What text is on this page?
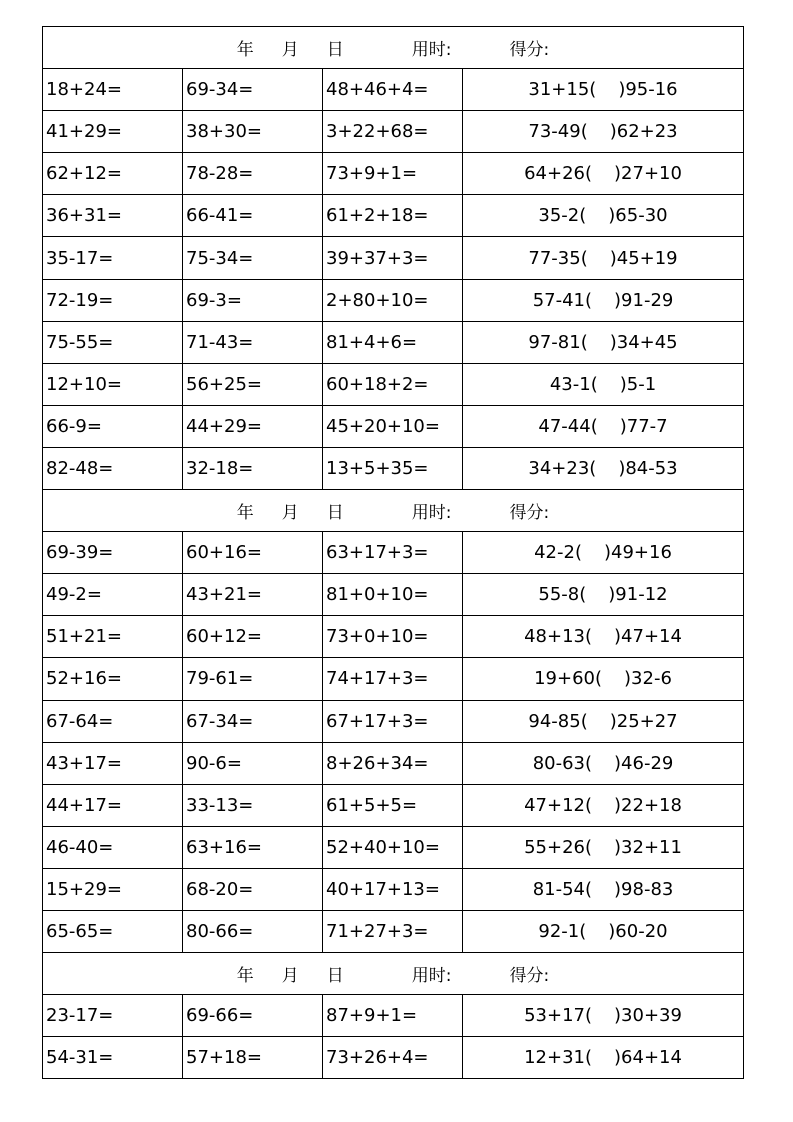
年 月 日 用时: 得分:			
18+24=	69-34=	48+46+4=	31+15( )95-16
41+29=	38+30=	3+22+68=	73-49( )62+23
62+12=	78-28=	73+9+1=	64+26( )27+10
36+31=	66-41=	61+2+18=	35-2( )65-30
35-17=	75-34=	39+37+3=	77-35( )45+19
72-19=	69-3=	2+80+10=	57-41( )91-29
75-55=	71-43=	81+4+6=	97-81( )34+45
12+10=	56+25=	60+18+2=	43-1( )5-1
66-9=	44+29=	45+20+10=	47-44( )77-7
82-48=	32-18=	13+5+35=	34+23( )84-53
年 月 日 用时: 得分:			
69-39=	60+16=	63+17+3=	42-2( )49+16
49-2=	43+21=	81+0+10=	55-8( )91-12
51+21=	60+12=	73+0+10=	48+13( )47+14
52+16=	79-61=	74+17+3=	19+60( )32-6
67-64=	67-34=	67+17+3=	94-85( )25+27
43+17=	90-6=	8+26+34=	80-63( )46-29
44+17=	33-13=	61+5+5=	47+12( )22+18
46-40=	63+16=	52+40+10=	55+26( )32+11
15+29=	68-20=	40+17+13=	81-54( )98-83
65-65=	80-66=	71+27+3=	92-1( )60-20
年 月 日 用时: 得分:			
23-17=	69-66=	87+9+1=	53+17( )30+39
54-31=	57+18=	73+26+4=	12+31( )64+14
